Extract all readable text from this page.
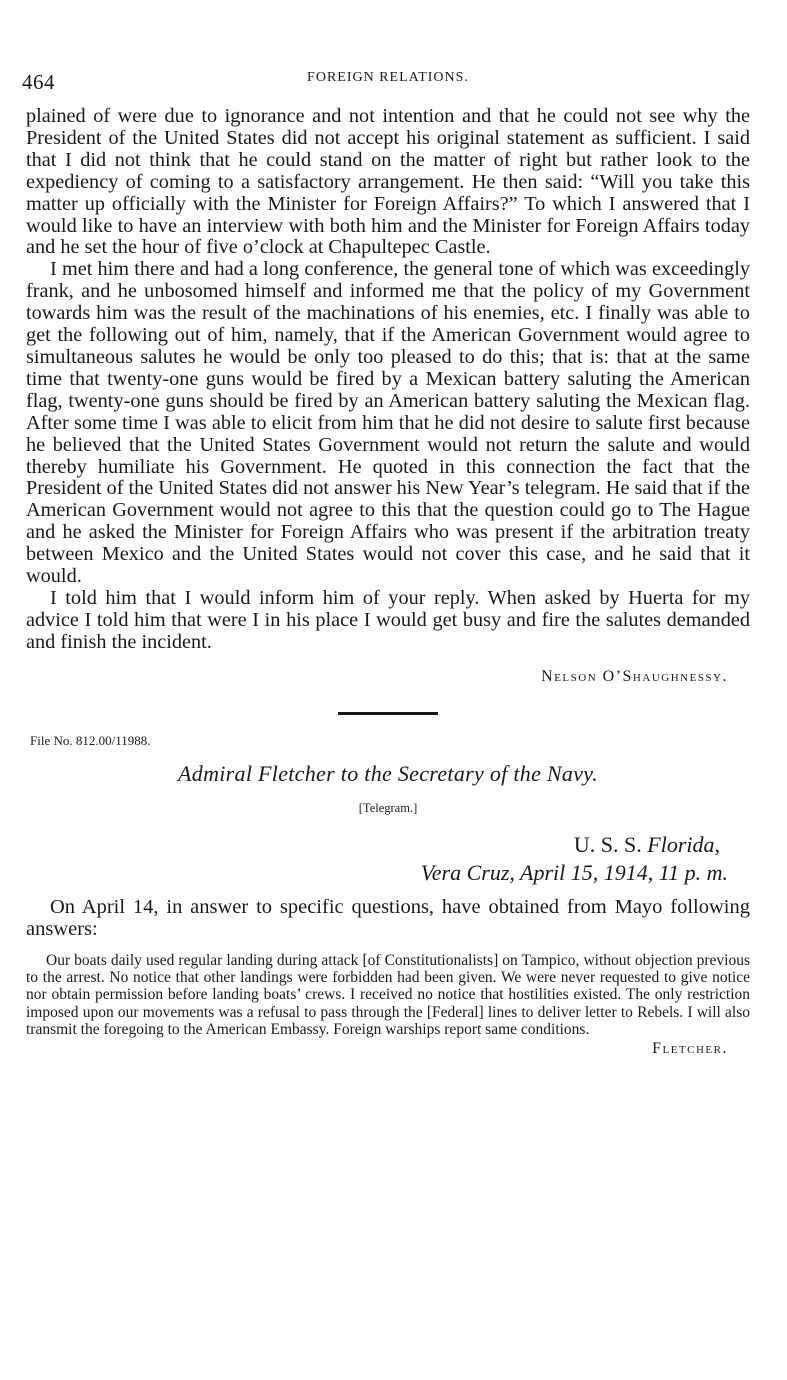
464	FOREIGN RELATIONS.

plained of were due to ignorance and not intention and that he could not see why the President of the United States did not accept his original statement as sufficient. I said that I did not think that he could stand on the matter of right but rather look to the expediency of coming to a satisfactory arrangement. He then said: “Will you take this matter up officially with the Minister for Foreign Affairs?” To which I answered that I would like to have an interview with both him and the Minister for Foreign Affairs today and he set the hour of five o’clock at Chapultepec Castle.

I met him there and had a long conference, the general tone of which was exceedingly frank, and he unbosomed himself and informed me that the policy of my Government towards him was the result of the machinations of his enemies, etc. I finally was able to get the following out of him, namely, that if the American Government would agree to simultaneous salutes he would be only too pleased to do this; that is: that at the same time that twenty-one guns would be fired by a Mexican battery saluting the American flag, twenty-one guns should be fired by an American battery saluting the Mexican flag. After some time I was able to elicit from him that he did not desire to salute first because he believed that the United States Government would not return the salute and would thereby humiliate his Government. He quoted in this connection the fact that the President of the United States did not answer his New Year’s telegram. He said that if the American Government would not agree to this that the question could go to The Hague and he asked the Minister for Foreign Affairs who was present if the arbitration treaty between Mexico and the United States would not cover this case, and he said that it would.

I told him that I would inform him of your reply. When asked by Huerta for my advice I told him that were I in his place I would get busy and fire the salutes demanded and finish the incident.

Nelson O’Shaughnessy.
File No. 812.00/11988.
Admiral Fletcher to the Secretary of the Navy.
[Telegram.]
U. S. S. Florida,
Vera Cruz, April 15, 1914, 11 p. m.

On April 14, in answer to specific questions, have obtained from Mayo following answers:

Our boats daily used regular landing during attack [of Constitutionalists] on Tampico, without objection previous to the arrest. No notice that other landings were forbidden had been given. We were never requested to give notice nor obtain permission before landing boats’ crews. I received no notice that hostilities existed. The only restriction imposed upon our movements was a refusal to pass through the [Federal] lines to deliver letter to Rebels. I will also transmit the foregoing to the American Embassy. Foreign warships report same conditions.

Fletcher.
